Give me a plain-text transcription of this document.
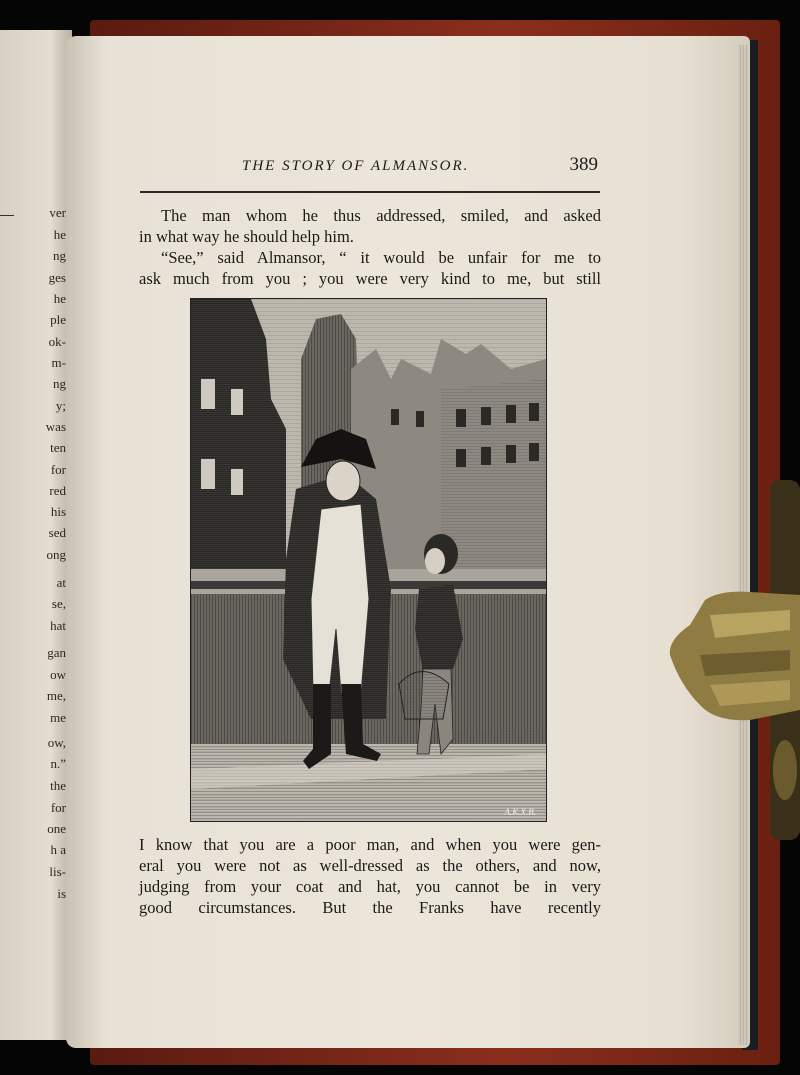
ver
he
ng
ges
he
ple
ok-
m-
ng
y;
was
ten
for
red
his
sed
ong
at
se,
hat
gan
ow
me,
me
ow,
n.”
the
for
one
h a
lis-
is
THE STORY OF ALMANSOR.	389
The man whom he thus addressed, smiled, and asked
in what way he should help him.
“See,” said Almansor, “ it would be unfair for me to
ask much from you ; you were very kind to me, but still
A.K.X.B.
I know that you are a poor man, and when you were gen-
eral you were not as well-dressed as the others, and now,
judging from your coat and hat, you cannot be in very
good circumstances. But the Franks have recently
